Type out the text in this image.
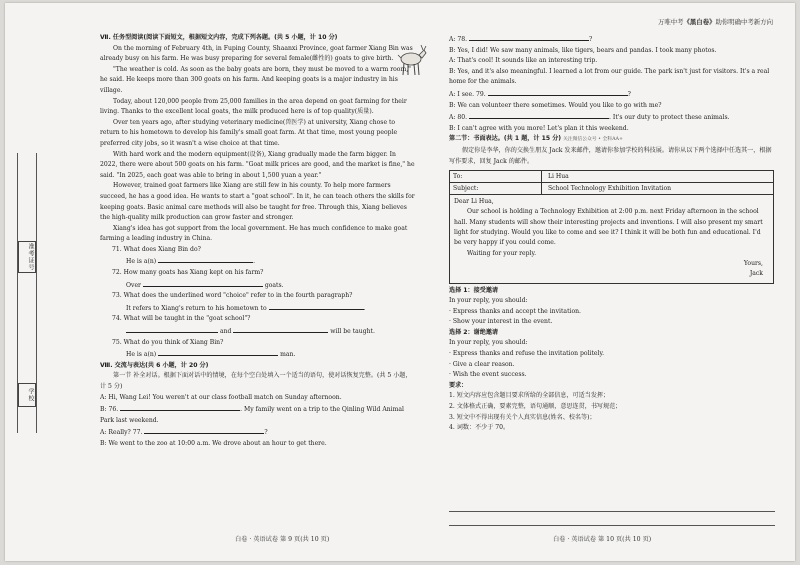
准考证号
学校
万唯中考《黑白卷》助你明确中考新方向

Ⅶ. 任务型阅读(阅读下面短文，根据短文内容，完成下列各题。(共 5 小题，计 10 分)

On the morning of February 4th, in Fuping County, Shaanxi Province, goat farmer Xiang Bin was already busy on his farm. He was busy preparing for several female(雌性的) goats to give birth.

"The weather is cold. As soon as the baby goats are born, they must be moved to a warm room," he said. He keeps more than 300 goats on his farm. And keeping goats is a major industry in his village.

Today, about 120,000 people from 25,000 families in the area depend on goat farming for their living. Thanks to the excellent local goats, the milk produced here is of top quality(质量).

Over ten years ago, after studying veterinary medicine(兽医学) at university, Xiang chose to return to his hometown to develop his family's small goat farm. At that time, most young people preferred city jobs, so it wasn't a wise choice at that time.

With hard work and the modern equipment(设备), Xiang gradually made the farm bigger. In 2022, there were about 500 goats on his farm. "Goat milk prices are good, and the market is fine," he said. "In 2025, each goat was able to bring in about 1,500 yuan a year."

However, trained goat farmers like Xiang are still few in his county. To help more farmers succeed, he has a good idea. He wants to start a "goat school". In it, he can teach others the skills for keeping goats. Basic animal care methods will also be taught for free. Through this, Xiang believes the high-quality milk production can grow faster and stronger.

Xiang's idea has got support from the local government. He has much confidence to make goat farming a leading industry in China.

71. What does Xiang Bin do?

He is a(n)	.

72. How many goats has Xiang kept on his farm?

Over	goats.

73. What does the underlined word "choice" refer to in the fourth paragraph?

It refers to Xiang's return to his hometown to	.

74. What will be taught in the "goat school"?

and	will be taught.

75. What do you think of Xiang Bin?

He is a(n)	man.

Ⅷ. 交流与表达(共 6 小题，计 20 分)

第一节 补全对话。根据下面对话中的情境，在每个空白处填入一个适当的语句，使对话恢复完整。(共 5 小题，计 5 分)

A: Hi, Wang Lei! You weren't at our class football match on Sunday afternoon.

B: 76.	. My family went on a trip to the Qinling Wild Animal Park last weekend.

A: Really? 77.	?

B: We went to the zoo at 10:00 a.m. We drove about an hour to get there.

A: 78.	?

B: Yes, I did! We saw many animals, like tigers, bears and pandas. I took many photos.

A: That's cool! It sounds like an interesting trip.

B: Yes, and it's also meaningful. I learned a lot from our guide. The park isn't just for visitors. It's a real home for the animals.

A: I see. 79.	?

B: We can volunteer there sometimes. Would you like to go with me?

A: 80.	. It's our duty to protect these animals.

B: I can't agree with you more! Let's plan it this weekend.

第二节：书面表达。(共 1 题，计 15 分) 关注微信公众号 • 全科AA+

假定你是李华，你的交换生朋友 Jack 发来邮件，邀请你参加学校的科技展。请你从以下两个选择中任选其一，根据写作要求，回复 Jack 的邮件。

To:	Li Hua
Subject:	School Technology Exhibition Invitation

Dear Li Hua,

Our school is holding a Technology Exhibition at 2:00 p.m. next Friday afternoon in the school hall. Many students will show their interesting projects and inventions. I will also present my smart light for studying. Would you like to come and see it? I think it will be both fun and educational. I'd be very happy if you could come.

Waiting for your reply.

Yours,

Jack

选择 1：接受邀请

In your reply, you should:

· Express thanks and accept the invitation.

· Show your interest in the event.

选择 2：谢绝邀请

In your reply, you should:

· Express thanks and refuse the invitation politely.

· Give a clear reason.

· Wish the event success.

要求：

1. 短文内容应包含题目要求所给的全部信息，可适当发挥；

2. 文体格式正确，要素完整，语句通顺，意思连贯，书写规范；

3. 短文中不得出现有关个人真实信息(姓名、校名等)；

4. 词数：不少于 70。

白卷 · 英语试卷 第 9 页(共 10 页)	白卷 · 英语试卷 第 10 页(共 10 页)
